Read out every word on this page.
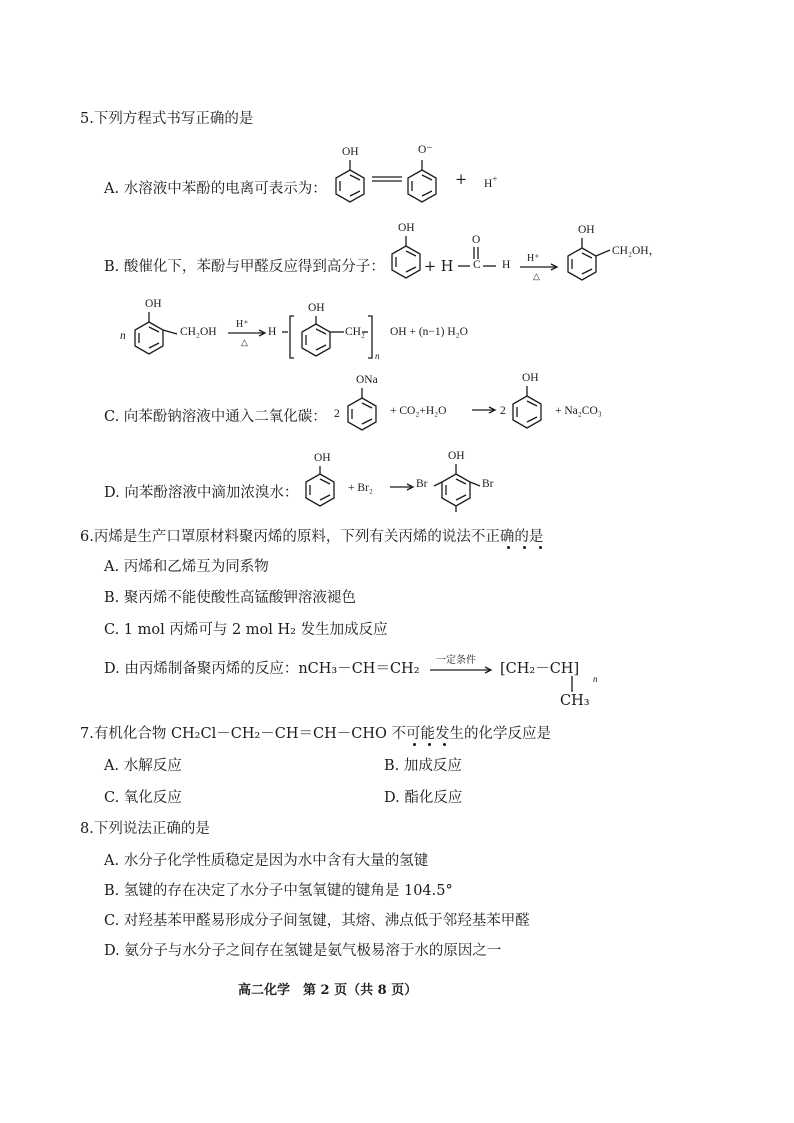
5.下列方程式书写正确的是
A. 水溶液中苯酚的电离可表示为：
OH	O⁻
+ H+
B. 酸催化下，苯酚与甲醛反应得到高分子：
OH
+ H
O
C H
H⁺
△
OH
CH₂OH，
n
OH
CH₂OH
H⁺
△
H
OH
CH₂
n
OH + (n−1) H₂O
C. 向苯酚钠溶液中通入二氧化碳： 2
ONa
+ CO₂+H₂O	2
OH
+ Na₂CO₃
D. 向苯酚溶液中滴加浓溴水：
OH
+ Br₂	Br
OH
Br
6.丙烯是生产口罩原材料聚丙烯的原料，下列有关丙烯的说法不正确的是
A. 丙烯和乙烯互为同系物
B. 聚丙烯不能使酸性高锰酸钾溶液褪色
C. 1 mol 丙烯可与 2 mol H₂ 发生加成反应
D. 由丙烯制备聚丙烯的反应：nCH₃－CH＝CH₂
一定条件
[CH₂－CH]
n
CH₃
7.有机化合物 CH₂Cl－CH₂－CH＝CH－CHO 不可能发生的化学反应是
A. 水解反应	B. 加成反应
C. 氧化反应	D. 酯化反应
8.下列说法正确的是
A. 水分子化学性质稳定是因为水中含有大量的氢键
B. 氢键的存在决定了水分子中氢氧键的键角是 104.5°
C. 对羟基苯甲醛易形成分子间氢键，其熔、沸点低于邻羟基苯甲醛
D. 氨分子与水分子之间存在氢键是氨气极易溶于水的原因之一
高二化学　第 2 页（共 8 页）
